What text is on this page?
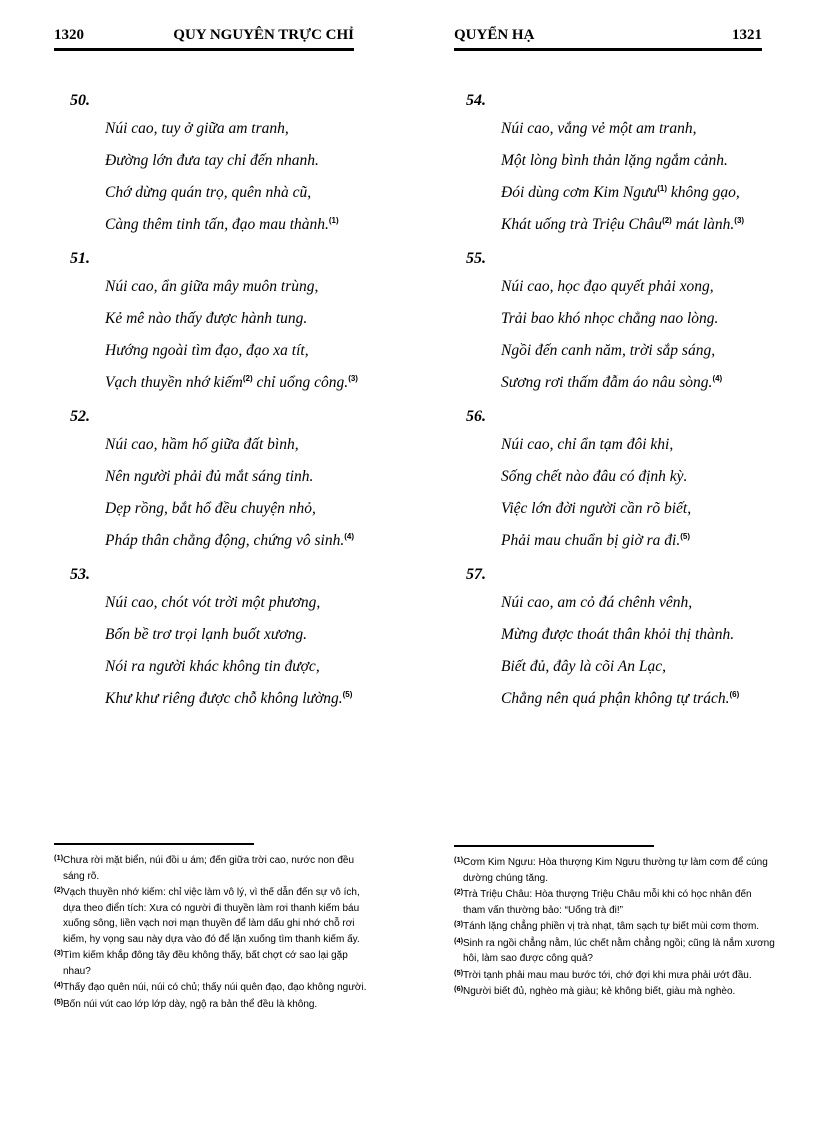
1320	QUY NGUYÊN TRỰC CHỈ
50.
Núi cao, tuy ở giữa am tranh,
Đường lớn đưa tay chỉ đến nhanh.
Chớ dừng quán trọ, quên nhà cũ,
Càng thêm tinh tấn, đạo mau thành.$^{(1)}$
51.
Núi cao, ẩn giữa mây muôn trùng,
Kẻ mê nào thấy được hành tung.
Hướng ngoài tìm đạo, đạo xa tít,
Vạch thuyền nhớ kiếm$^{(2)}$ chỉ uổng công.$^{(3)}$
52.
Núi cao, hầm hố giữa đất bình,
Nên người phải đủ mắt sáng tinh.
Dẹp rồng, bắt hổ đều chuyện nhỏ,
Pháp thân chẳng động, chứng vô sinh.$^{(4)}$
53.
Núi cao, chót vót trời một phương,
Bốn bề trơ trọi lạnh buốt xương.
Nói ra người khác không tin được,
Khư khư riêng được chỗ không lường.$^{(5)}$
(1) Chưa rời mặt biển, núi đồi u ám; đến giữa trời cao, nước non đều sáng rõ.
(2) Vạch thuyền nhớ kiếm: chỉ việc làm vô lý, vì thế dẫn đến sự vô ích, dựa theo điển tích: Xưa có người đi thuyền làm rơi thanh kiếm báu xuống sông, liền vạch nơi mạn thuyền để làm dấu ghi nhớ chỗ rơi kiếm, hy vọng sau này dựa vào đó để lặn xuống tìm thanh kiếm ấy.
(3) Tìm kiếm khắp đông tây đều không thấy, bất chợt cớ sao lại gặp nhau?
(4) Thấy đạo quên núi, núi có chủ; thấy núi quên đạo, đạo không người.
(5) Bốn núi vút cao lớp lớp dày, ngộ ra bản thể đều là không.
QUYỂN HẠ	1321
54.
Núi cao, vắng vẻ một am tranh,
Một lòng bình thản lặng ngắm cảnh.
Đói dùng cơm Kim Ngưu$^{(1)}$ không gạo,
Khát uống trà Triệu Châu$^{(2)}$ mát lành.$^{(3)}$
55.
Núi cao, học đạo quyết phải xong,
Trải bao khó nhọc chẳng nao lòng.
Ngồi đến canh năm, trời sắp sáng,
Sương rơi thấm đẫm áo nâu sòng.$^{(4)}$
56.
Núi cao, chỉ ẩn tạm đôi khi,
Sống chết nào đâu có định kỳ.
Việc lớn đời người cần rõ biết,
Phải mau chuẩn bị giờ ra đi.$^{(5)}$
57.
Núi cao, am cỏ đá chênh vênh,
Mừng được thoát thân khỏi thị thành.
Biết đủ, đây là cõi An Lạc,
Chẳng nên quá phận không tự trách.$^{(6)}$
(1) Cơm Kim Ngưu: Hòa thượng Kim Ngưu thường tự làm cơm để cúng dường chúng tăng.
(2) Trà Triệu Châu: Hòa thượng Triệu Châu mỗi khi có học nhân đến tham vấn thường bảo: “Uống trà đi!”
(3) Tánh lặng chẳng phiền vị trà nhạt, tâm sạch tự biết mùi cơm thơm.
(4) Sinh ra ngồi chẳng nằm, lúc chết nằm chẳng ngồi; cũng là nắm xương hôi, làm sao được công quả?
(5) Trời tạnh phải mau mau bước tới, chớ đợi khi mưa phải ướt đầu.
(6) Người biết đủ, nghèo mà giàu; kẻ không biết, giàu mà nghèo.
